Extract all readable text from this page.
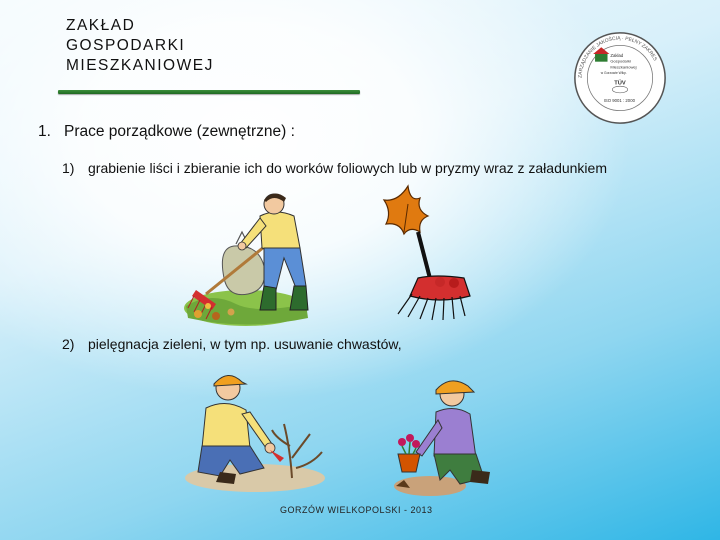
ZAKŁAD
GOSPODARKI
MIESZKANIOWEJ
ZARZĄDZANIE JAKOŚCIĄ · PEŁNY ZAKRES
Zakład
Gospodarki
Mieszkaniowej
w Gorzowie Wlkp.
TÜV
ISO 9001 : 2000
1. Prace porządkowe (zewnętrzne) :
1) grabienie liści i zbieranie ich do worków foliowych lub w pryzmy wraz z załadunkiem
2) pielęgnacja zieleni, w tym np. usuwanie chwastów,
GORZÓW WIELKOPOLSKI - 2013
